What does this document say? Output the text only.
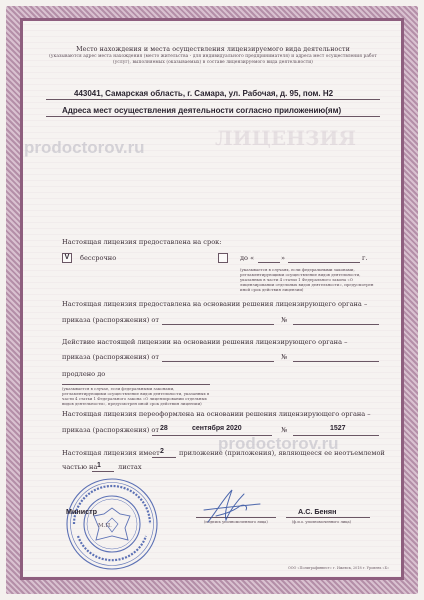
ЛИЦЕНЗИЯ
Место нахождения и места осуществления лицензируемого вида деятельности
(указываются адрес места нахождения (место жительства - для индивидуального предпринимателя) и адреса мест осуществления работ (услуг), выполняемых (оказываемых) в составе лицензируемого вида деятельности)
443041, Самарская область, г. Самара, ул. Рабочая, д. 95, пом. Н2
Адреса мест осуществления деятельности согласно приложению(ям)
prodoctorov.ru
prodoctorov.ru
Настоящая лицензия предоставлена на срок:
V	бессрочно	до «	»	г.
(указывается в случаях, если федеральными законами, регламентирующими осуществление видов деятельности, указанных в части 4 статьи 1 Федерального закона «О лицензировании отдельных видов деятельности», предусмотрен иной срок действия лицензии)
Настоящая лицензия предоставлена на основании решения лицензирующего органа –
приказа (распоряжения) от	№
Действие настоящей лицензии на основании решения лицензирующего органа –
приказа (распоряжения) от	№
продлено до
(указывается в случае, если федеральными законами, регламентирующими осуществление видов деятельности, указанных в части 4 статьи 1 Федерального закона «О лицензировании отдельных видов деятельности», предусмотрен иной срок действия лицензии)
Настоящая лицензия переоформлена на основании решения лицензирующего органа –
приказа (распоряжения) от 28	сентября 2020	№	1527
Настоящая лицензия имеет 2 приложение (приложения), являющееся ее неотъемлемой
частью на 1	листах
Министр
(подпись уполномоченного лица)
А.С. Бенян
(ф.и.о. уполномоченного лица)
М.П.
ООО «Полиграфинвест» г. Ижевск, 2018 г. Уровень «Б»
